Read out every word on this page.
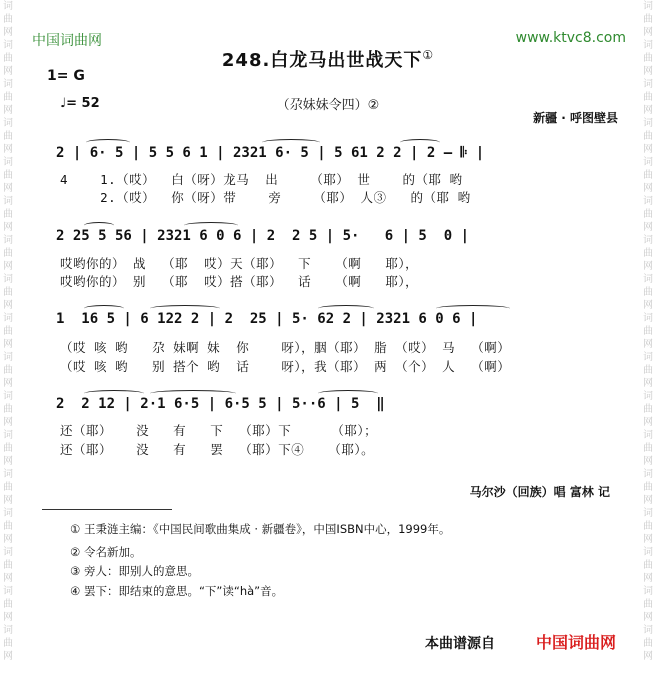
词
曲
网
词
曲
网
词
曲
网
词
曲
网
词
曲
网
词
曲
网
词
曲
网
词
曲
网
词
曲
网
词
曲
网
词
曲
网
词
曲
网
词
曲
网
词
曲
网
词
曲
网
词
曲
网
词
曲
网
词
曲
网
词
曲
网
词
曲
网
词
曲
网
词
曲
网
词
曲
网
词
曲
网
词
曲
网
词
曲
网
词
曲
网
词
曲
网
词
曲
网
词
曲
网
词
曲
网
词
曲
网
词
曲
网
词
曲
网
中国词曲网	www.ktvc8.com
248.白龙马出世战天下①
1= G
♩= 52	（尕妹妹令四）②
新疆 · 呼图壁县
2 | 6· 5 | 5 5 6 1 | 2321 6· 5 | 5 61 2 2 | 2 — 𝄆 |
4    1.（哎）  白（呀）龙马  出    （耶） 世    的（耶 哟
2.（哎）  你（呀）带    旁    （耶） 人③   的（耶 哟
2 25 5 56 | 2321 6 0 6 | 2  2 5 | 5·   6 | 5  0 |
哎哟你的） 战  （耶  哎）天（耶）  下   （啊   耶），
哎哟你的） 别  （耶  哎）搭（耶）  话   （啊   耶），
1  16 5 | 6 122 2 | 2  25 | 5· 62 2 | 2321 6 0 6 |
（哎 咳 哟   尕 妹啊 妹  你    呀），胭（耶） 脂 （哎） 马  （啊）
（哎 咳 哟   别 搭个 哟  话    呀），我（耶） 两 （个） 人  （啊）
2  2 12 | 2·1 6·5 | 6·5 5 | 5··6 | 5  ‖
还（耶）   没   有   下  （耶）下     （耶）；
还（耶）   没   有   罢  （耶）下④   （耶）。
马尔沙（回族）唱 富林 记
① 王秉涟主编：《中国民间歌曲集成 · 新疆卷》，中国ISBN中心，1999年。
② 令名新加。
③ 旁人：即别人的意思。
④ 罢下：即结束的意思。“下”读“hà”音。
本曲谱源自	中国词曲网
